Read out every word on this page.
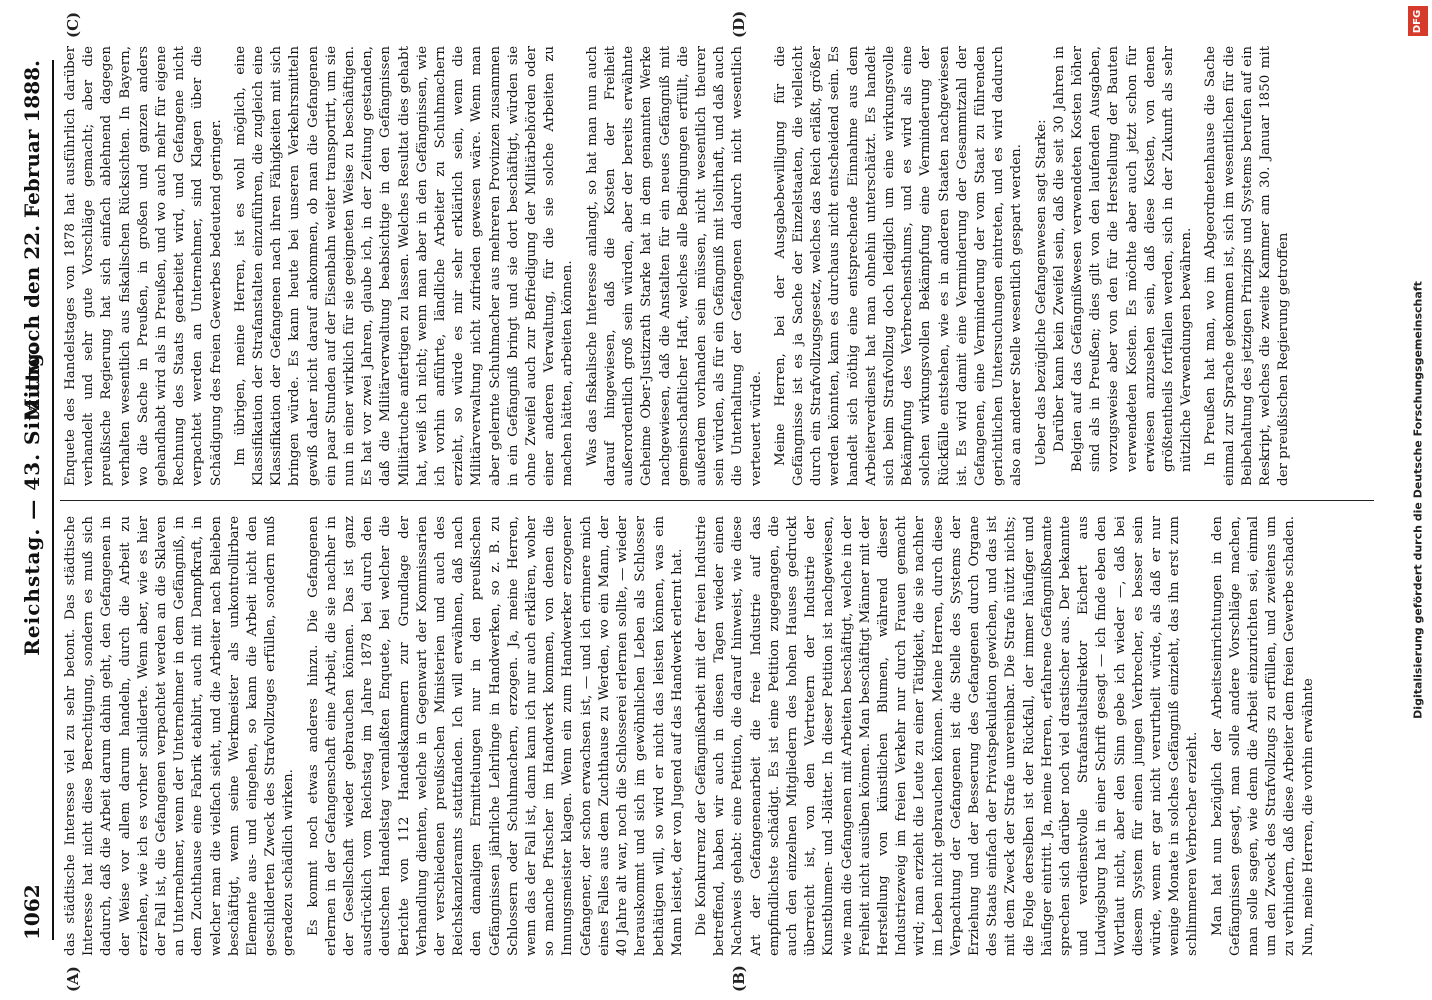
1062
Reichstag. — 43. Sitzung.
Mittwoch den 22. Februar 1888.
(A)	(B)
(C)	(D)

das städtische Interesse viel zu sehr betont. Das städtische Interesse hat nicht diese Berechtigung, sondern es muß sich dadurch, daß die Arbeit darum dahin geht, den Gefangenen in der Weise vor allem darum handeln, durch die Arbeit zu erziehen, wie ich es vorher schilderte. Wenn aber, wie es hier der Fall ist, die Gefangenen verpachtet werden an die Sklaven an Unternehmer, wenn der Unternehmer in dem Gefängniß, in dem Zuchthause eine Fabrik etablirt, auch mit Dampfkraft, in welcher man die vielfach sieht, und die Arbeiter nach Belieben beschäftigt, wenn seine Werkmeister als unkontrollirbare Elemente aus- und eingehen, so kann die Arbeit nicht den geschilderten Zweck des Strafvollzuges erfüllen, sondern muß geradezu schädlich wirken. Es kommt noch etwas anderes hinzu. Die Gefangenen erlernen in der Gefangenschaft eine Arbeit, die sie nachher in der Gesellschaft wieder gebrauchen können. Das ist ganz ausdrücklich vom Reichstag im Jahre 1878 bei durch den deutschen Handelstag veranlaßten Enquete, bei welcher die Berichte von 112 Handelskammern zur Grundlage der Verhandlung dienten, welche in Gegenwart der Kommissarien der verschiedenen preußischen Ministerien und auch des Reichskanzleramts stattfanden. Ich will erwähnen, daß nach den damaligen Ermittelungen nur in den preußischen Gefängnissen jährliche Lehrlinge in Handwerken, so z. B. zu Schlossern oder Schuhmachern, erzogen. Ja, meine Herren, wenn das der Fall ist, dann kann ich nur auch erklären, woher so manche Pfuscher im Handwerk kommen, von denen die Innungsmeister klagen. Wenn ein zum Handwerker erzogener Gefangener, der schon erwachsen ist, — und ich erinnere mich eines Falles aus dem Zuchthause zu Werden, wo ein Mann, der 40 Jahre alt war, noch die Schlosserei erlernen sollte, — wieder herauskommt und sich im gewöhnlichen Leben als Schlosser bethätigen will, so wird er nicht das leisten können, was ein Mann leistet, der von Jugend auf das Handwerk erlernt hat. Die Konkurrenz der Gefängnißarbeit mit der freien Industrie betreffend, haben wir auch in diesen Tagen wieder einen Nachweis gehabt: eine Petition, die darauf hinweist, wie diese Art der Gefangenenarbeit die freie Industrie auf das empfindlichste schädigt. Es ist eine Petition zugegangen, die auch den einzelnen Mitgliedern des hohen Hauses gedruckt überreicht ist, von den Vertretern der Industrie der Kunstblumen- und -blätter. In dieser Petition ist nachgewiesen, wie man die Gefangenen mit Arbeiten beschäftigt, welche in der Freiheit nicht ausüben können. Man beschäftigt Männer mit der Herstellung von künstlichen Blumen, während dieser Industriezweig im freien Verkehr nur durch Frauen gemacht wird; man erzieht die Leute zu einer Tätigkeit, die sie nachher im Leben nicht gebrauchen können. Meine Herren, durch diese Verpachtung der Gefangenen ist die Stelle des Systems der Erziehung und der Besserung des Gefangenen durch Organe des Staats einfach der Privatspekulation gewichen, und das ist mit dem Zweck der Strafe unvereinbar. Die Strafe nützt nichts; die Folge derselben ist der Rückfall, der immer häufiger und häufiger eintritt. Ja, meine Herren, erfahrene Gefängnißbeamte sprechen sich darüber noch viel drastischer aus. Der bekannte und verdienstvolle Strafanstaltsdirektor Eichert aus Ludwigsburg hat in einer Schrift gesagt — ich finde eben den Wortlaut nicht, aber den Sinn gebe ich wieder —, daß bei diesem System für einen jungen Verbrecher, es besser sein würde, wenn er gar nicht verurtheilt würde, als daß er nur wenige Monate in solches Gefängniß einzieht, das ihn erst zum schlimmeren Verbrecher erzieht. Man hat nun bezüglich der Arbeitseinrichtungen in den Gefängnissen gesagt, man solle andere Vorschläge machen, man solle sagen, wie denn die Arbeit einzurichten sei, einmal um den Zweck des Strafvollzugs zu erfüllen, und zweitens um zu verhindern, daß diese Arbeiter dem freien Gewerbe schaden. Nun, meine Herren, die vorhin erwähnte

Enquete des Handelstages von 1878 hat ausführlich darüber verhandelt und sehr gute Vorschläge gemacht; aber die preußische Regierung hat sich einfach ablehnend dagegen verhalten wesentlich aus fiskalischen Rücksichten. In Bayern, wo die Sache in Preußen, in großen und ganzen anders gehandhabt wird als in Preußen, und wo auch mehr für eigene Rechnung des Staats gearbeitet wird, und Gefangene nicht verpachtet werden an Unternehmer, sind Klagen über die Schädigung des freien Gewerbes bedeutend geringer. Im übrigen, meine Herren, ist es wohl möglich, eine Klassifikation der Strafanstalten einzuführen, die zugleich eine Klassifikation der Gefangenen nach ihren Fähigkeiten mit sich bringen würde. Es kann heute bei unseren Verkehrsmitteln gewiß daher nicht darauf ankommen, ob man die Gefangenen ein paar Stunden auf der Eisenbahn weiter transportirt, um sie nun in einer wirklich für sie geeigneten Weise zu beschäftigen. Es hat vor zwei Jahren, glaube ich, in der Zeitung gestanden, daß die Militärverwaltung beabsichtige in den Gefängnissen Militärtuche anfertigen zu lassen. Welches Resultat dies gehabt hat, weiß ich nicht; wenn man aber in den Gefängnissen, wie ich vorhin anführte, ländliche Arbeiter zu Schuhmachern erzieht, so würde es mir sehr erklärlich sein, wenn die Militärverwaltung nicht zufrieden gewesen wäre. Wenn man aber gelernte Schuhmacher aus mehreren Provinzen zusammen in ein Gefängniß bringt und sie dort beschäftigt, würden sie ohne Zweifel auch zur Befriedigung der Militärbehörden oder einer anderen Verwaltung, für die sie solche Arbeiten zu machen hätten, arbeiten können. Was das fiskalische Interesse anlangt, so hat man nun auch darauf hingewiesen, daß die Kosten der Freiheit außerordentlich groß sein würden, aber der bereits erwähnte Geheime Ober-Justizrath Starke hat in dem genannten Werke nachgewiesen, daß die Anstalten für ein neues Gefängniß mit gemeinschaftlicher Haft, welches alle Bedingungen erfüllt, die außerdem vorhanden sein müssen, nicht wesentlich theurer sein würden, als für ein Gefängniß mit Isolirhaft, und daß auch die Unterhaltung der Gefangenen dadurch nicht wesentlich verteuert würde. Meine Herren, bei der Ausgabebewilligung für die Gefängnisse ist es ja Sache der Einzelstaaten, die vielleicht durch ein Strafvollzugsgesetz, welches das Reich erläßt, größer werden könnten, kann es durchaus nicht entscheidend sein. Es handelt sich nöthig eine entsprechende Einnahme aus dem Arbeiterverdienst hat man ohnehin unterschätzt. Es handelt sich beim Strafvollzug doch lediglich um eine wirkungsvolle Bekämpfung des Verbrechensthums, und es wird als eine solchen wirkungsvollen Bekämpfung eine Verminderung der Rückfälle entstehen, wie es in anderen Staaten nachgewiesen ist. Es wird damit eine Verminderung der Gesammtzahl der Gefangenen, eine Verminderung der vom Staat zu führenden gerichtlichen Untersuchungen eintreten, und es wird dadurch also an anderer Stelle wesentlich gespart werden. Ueber das bezügliche Gefangenwesen sagt Starke: Darüber kann kein Zweifel sein, daß die seit 30 Jahren in Belgien auf das Gefängnißwesen verwendeten Kosten höher sind als in Preußen; dies gilt von den laufenden Ausgaben, vorzugsweise aber von den für die Herstellung der Bauten verwendeten Kosten. Es möchte aber auch jetzt schon für erwiesen anzusehen sein, daß diese Kosten, von denen größtentheils fortfallen werden, sich in der Zukunft als sehr nützliche Verwendungen bewähren. In Preußen hat man, wo im Abgeordnetenhause die Sache einmal zur Sprache gekommen ist, sich im wesentlichen für die Beibehaltung des jetzigen Prinzips und Systems berufen auf ein Reskript, welches die zweite Kammer am 30. Januar 1850 mit der preußischen Regierung getroffen

DFG
Digitalisierung gefördert durch die Deutsche Forschungsgemeinschaft
